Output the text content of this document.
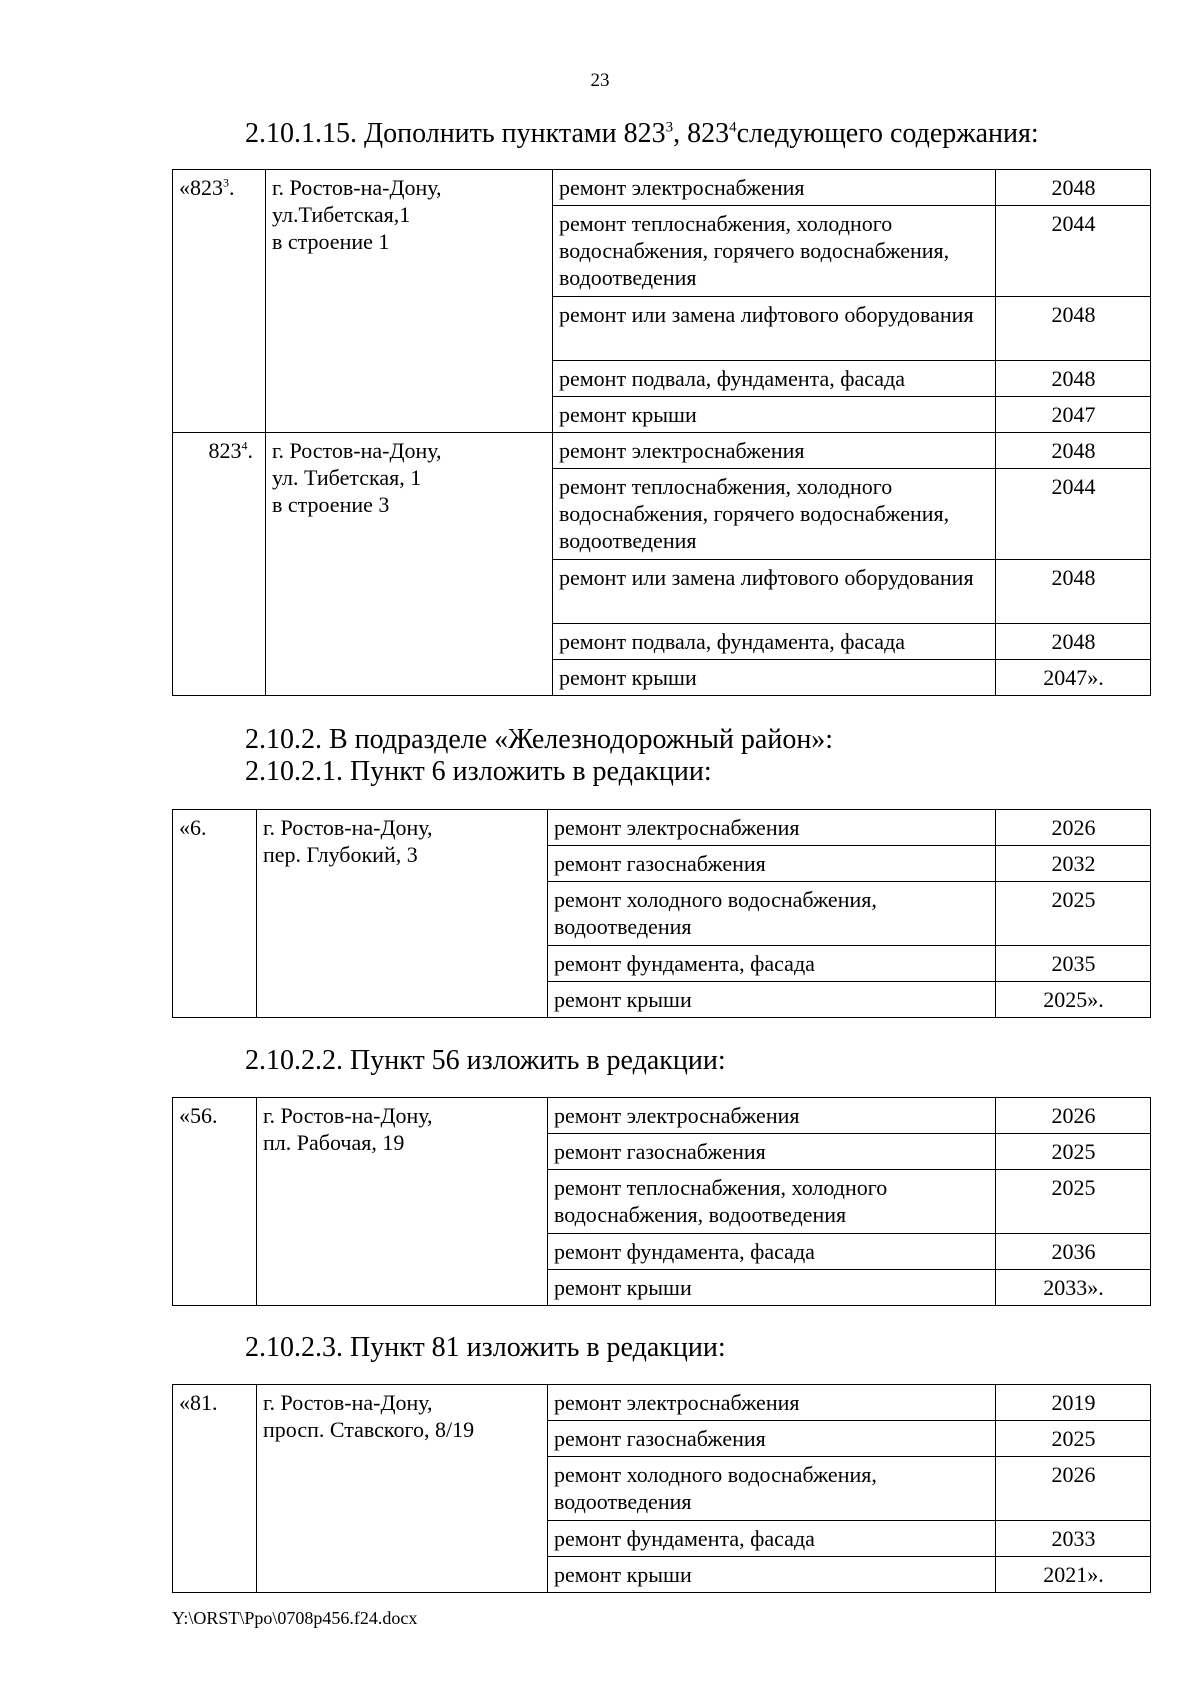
23
2.10.1.15. Дополнить пунктами $823^3$, $823^4следующего$ содержания:
«$823^3$.	г. Ростов-на-Дону,
ул.Тибетская,1
в строение 1	ремонт электроснабжения	2048
		ремонт теплоснабжения, холодного водоснабжения, горячего водоснабжения, водоотведения	2044
		ремонт или замена лифтового оборудования	2048
		ремонт подвала, фундамента, фасада	2048
		ремонт крыши	2047
$823^4$.	г. Ростов-на-Дону,
ул. Тибетская, 1
в строение 3	ремонт электроснабжения	2048
		ремонт теплоснабжения, холодного водоснабжения, горячего водоснабжения, водоотведения	2044
		ремонт или замена лифтового оборудования	2048
		ремонт подвала, фундамента, фасада	2048
		ремонт крыши	2047».
2.10.2. В подразделе «Железнодорожный район»:
2.10.2.1. Пункт 6 изложить в редакции:
«6.	г. Ростов-на-Дону,
пер. Глубокий, 3	ремонт электроснабжения	2026
		ремонт газоснабжения	2032
		ремонт холодного водоснабжения, водоотведения	2025
		ремонт фундамента, фасада	2035
		ремонт крыши	2025».
2.10.2.2. Пункт 56 изложить в редакции:
«56.	г. Ростов-на-Дону,
пл. Рабочая, 19	ремонт электроснабжения	2026
		ремонт газоснабжения	2025
		ремонт теплоснабжения, холодного водоснабжения, водоотведения	2025
		ремонт фундамента, фасада	2036
		ремонт крыши	2033».
2.10.2.3. Пункт 81 изложить в редакции:
«81.	г. Ростов-на-Дону,
просп. Ставского, 8/19	ремонт электроснабжения	2019
		ремонт газоснабжения	2025
		ремонт холодного водоснабжения, водоотведения	2026
		ремонт фундамента, фасада	2033
		ремонт крыши	2021».
Y:\ORST\Ppo\0708p456.f24.docx
